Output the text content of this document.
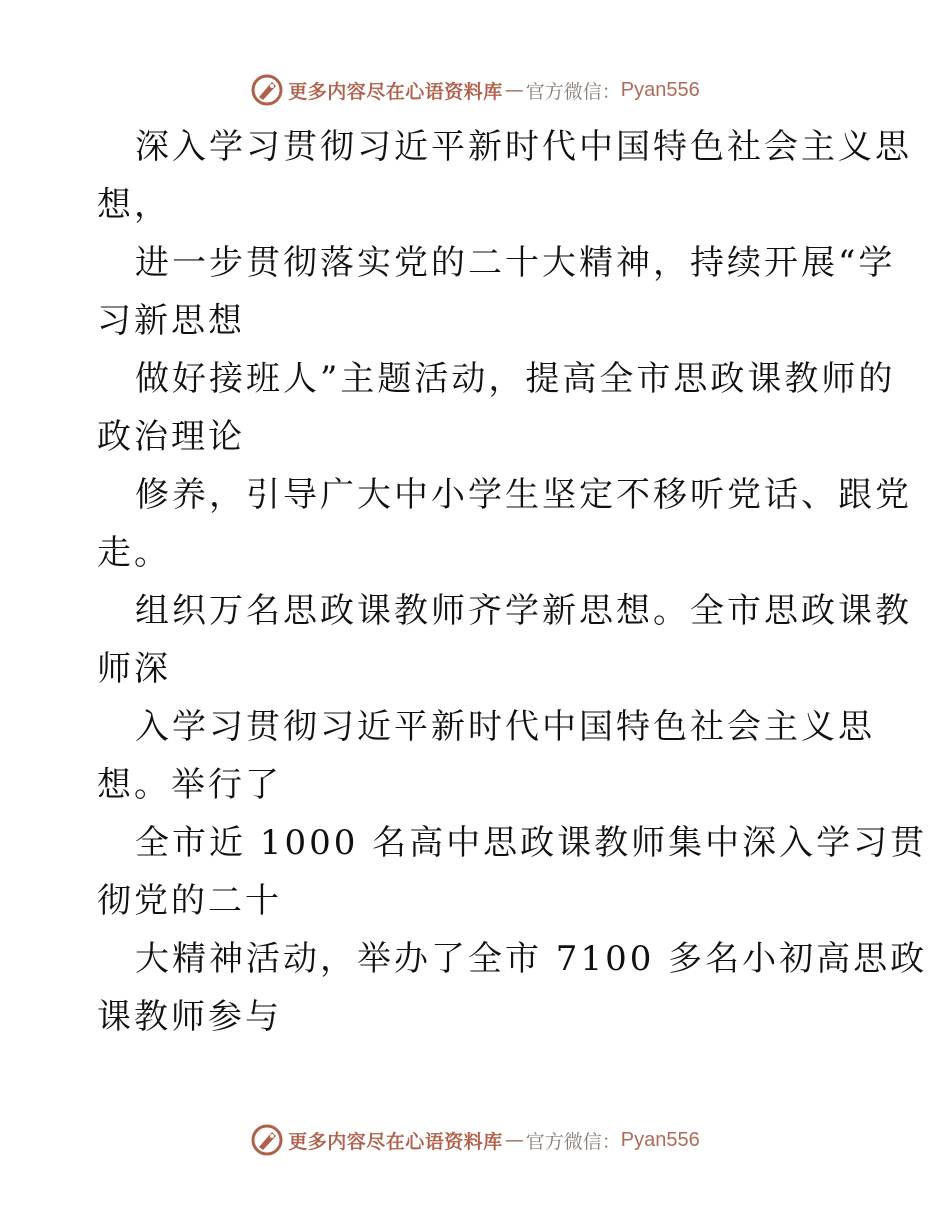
更多内容尽在心语资料库 — 官方微信： Pyan556
深入学习贯彻习近平新时代中国特色社会主义思
想，
进一步贯彻落实党的二十大精神，持续开展“学
习新思想
做好接班人”主题活动，提高全市思政课教师的
政治理论
修养，引导广大中小学生坚定不移听党话、跟党
走。
组织万名思政课教师齐学新思想。全市思政课教
师深
入学习贯彻习近平新时代中国特色社会主义思
想。举行了
全市近 1000 名高中思政课教师集中深入学习贯
彻党的二十
大精神活动，举办了全市 7100 多名小初高思政
课教师参与
更多内容尽在心语资料库 — 官方微信： Pyan556
